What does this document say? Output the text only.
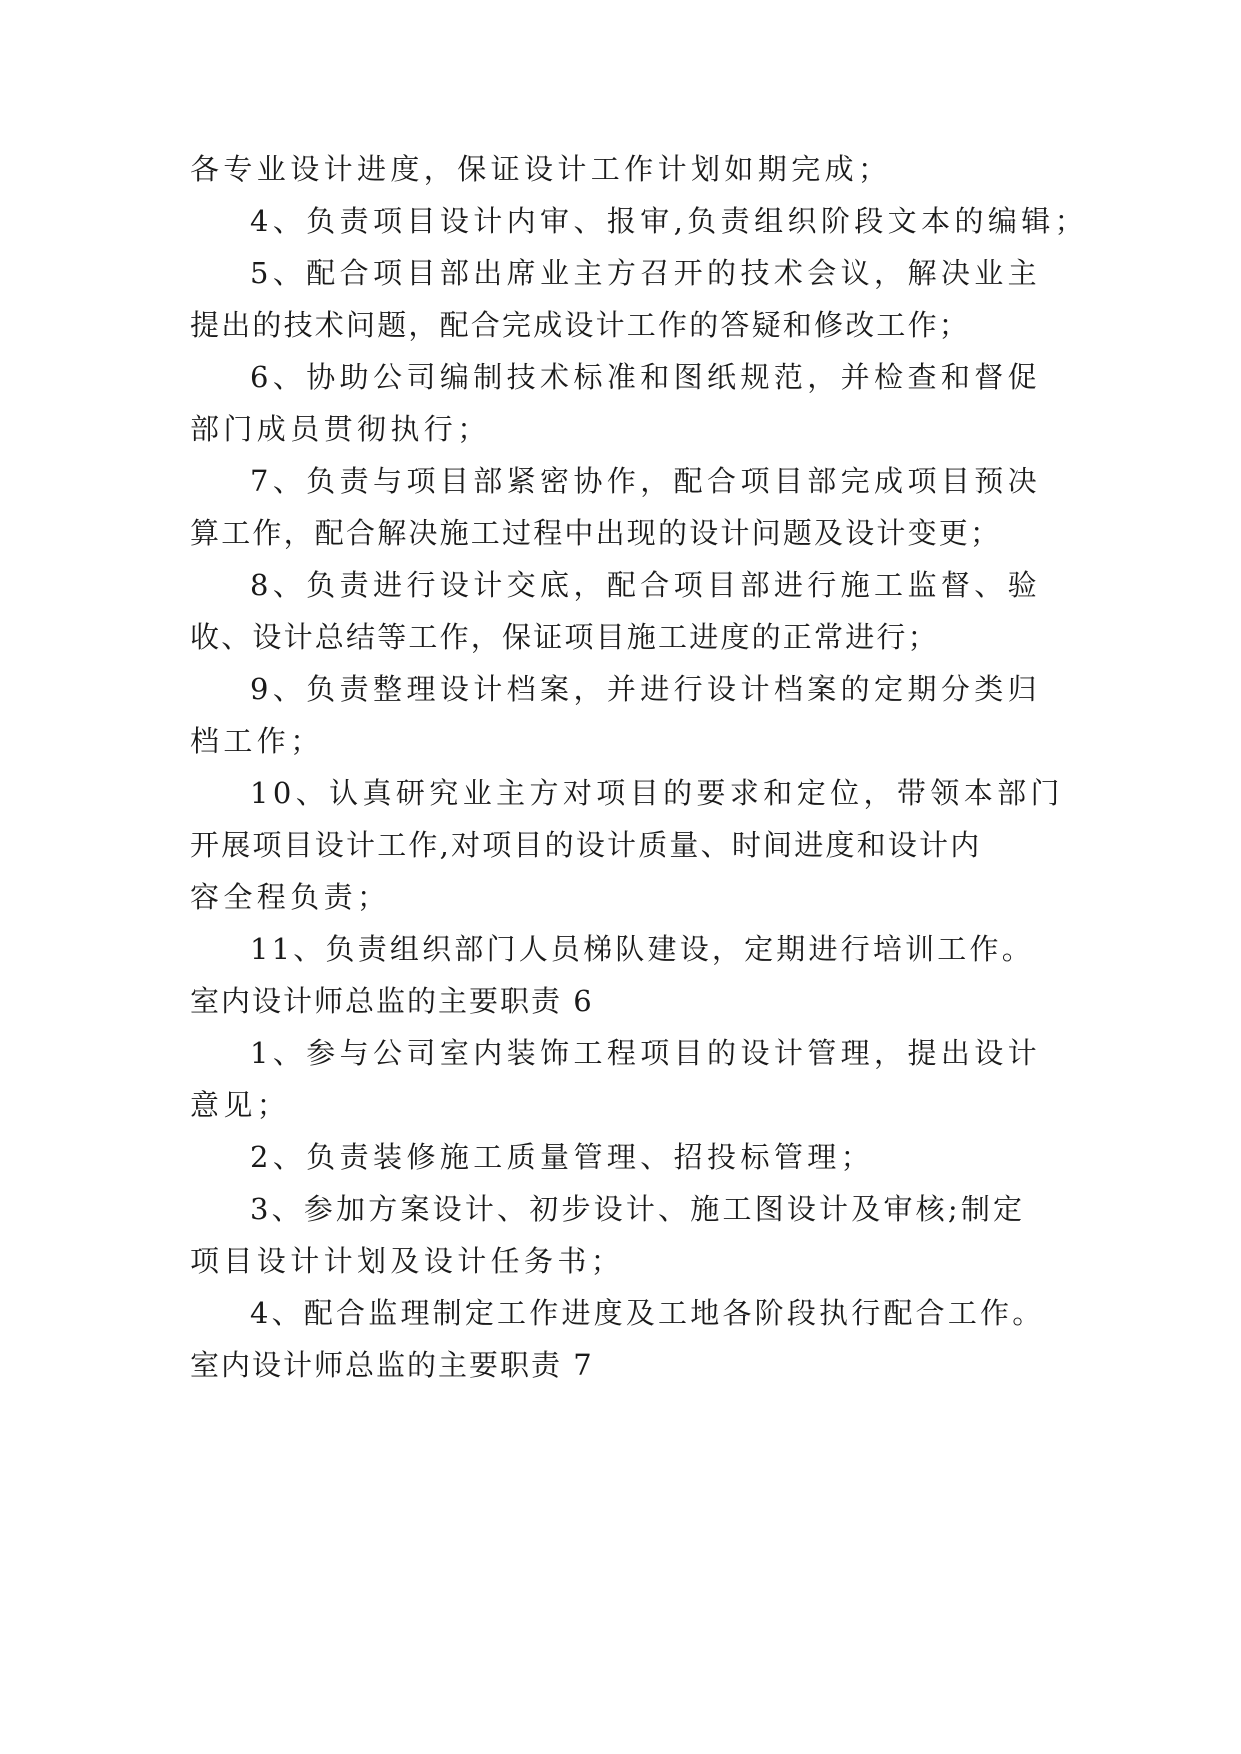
各专业设计进度，保证设计工作计划如期完成；
4、负责项目设计内审、报审,负责组织阶段文本的编辑；
5、配合项目部出席业主方召开的技术会议，解决业主
提出的技术问题，配合完成设计工作的答疑和修改工作；
6、协助公司编制技术标准和图纸规范，并检查和督促
部门成员贯彻执行；
7、负责与项目部紧密协作，配合项目部完成项目预决
算工作，配合解决施工过程中出现的设计问题及设计变更；
8、负责进行设计交底，配合项目部进行施工监督、验
收、设计总结等工作，保证项目施工进度的正常进行；
9、负责整理设计档案，并进行设计档案的定期分类归
档工作；
10、认真研究业主方对项目的要求和定位，带领本部门
开展项目设计工作,对项目的设计质量、时间进度和设计内
容全程负责；
11、负责组织部门人员梯队建设，定期进行培训工作。
室内设计师总监的主要职责 6
1、参与公司室内装饰工程项目的设计管理，提出设计
意见；
2、负责装修施工质量管理、招投标管理；
3、参加方案设计、初步设计、施工图设计及审核;制定
项目设计计划及设计任务书；
4、配合监理制定工作进度及工地各阶段执行配合工作。
室内设计师总监的主要职责 7
